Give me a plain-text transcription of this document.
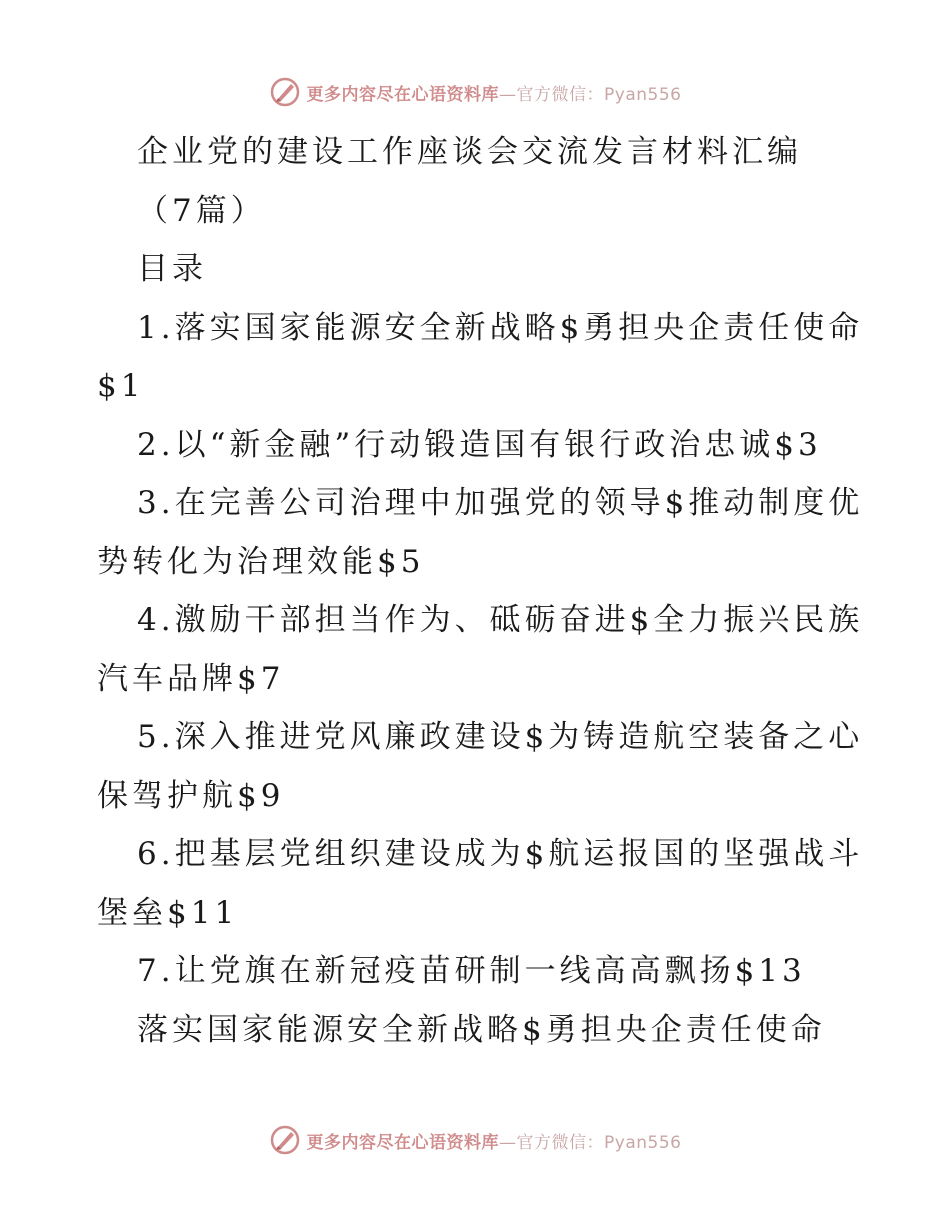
更多内容尽在心语资料库—官方微信：Pyan556
企业党的建设工作座谈会交流发言材料汇编
（7篇）
目录
1.落实国家能源安全新战略$勇担央企责任使命
$1
2.以“新金融”行动锻造国有银行政治忠诚$3
3.在完善公司治理中加强党的领导$推动制度优
势转化为治理效能$5
4.激励干部担当作为、砥砺奋进$全力振兴民族
汽车品牌$7
5.深入推进党风廉政建设$为铸造航空装备之心
保驾护航$9
6.把基层党组织建设成为$航运报国的坚强战斗
堡垒$11
7.让党旗在新冠疫苗研制一线高高飘扬$13
落实国家能源安全新战略$勇担央企责任使命
更多内容尽在心语资料库—官方微信：Pyan556
